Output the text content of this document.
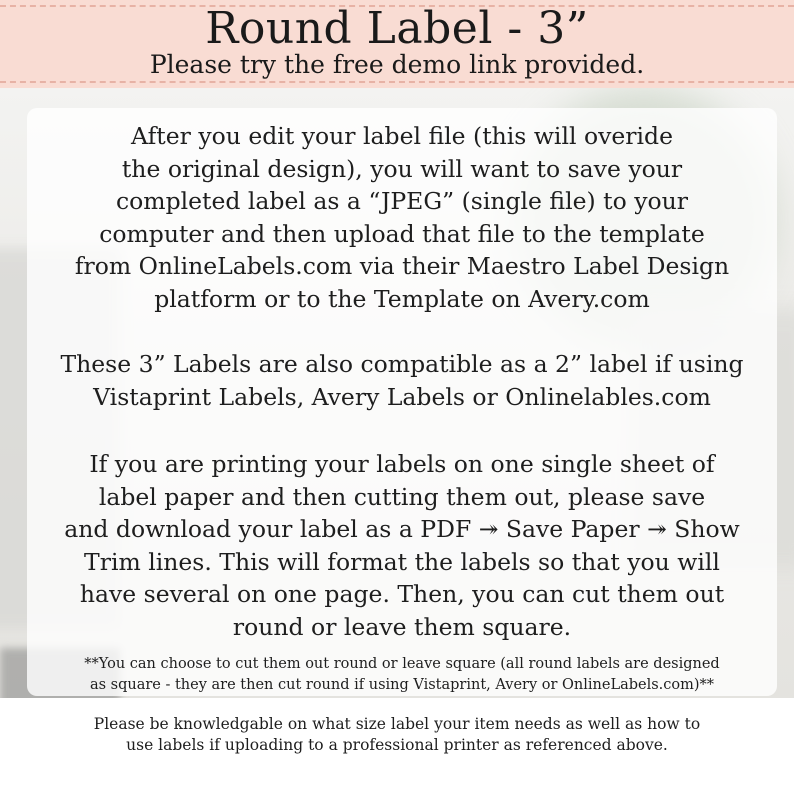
Round Label - 3”
Please try the free demo link provided.
After you edit your label file (this will overide
the original design), you will want to save your
completed label as a “JPEG” (single file) to your
computer and then upload that file to the template
from OnlineLabels.com via their Maestro Label Design
platform or to the Template on Avery.com
These 3” Labels are also compatible as a 2” label if using
Vistaprint Labels, Avery Labels or Onlinelables.com
If you are printing your labels on one single sheet of
label paper and then cutting them out, please save
and download your label as a PDF ↠ Save Paper ↠ Show
Trim lines. This will format the labels so that you will
have several on one page. Then, you can cut them out
round or leave them square.
**You can choose to cut them out round or leave square (all round labels are designed
as square - they are then cut round if using Vistaprint, Avery or OnlineLabels.com)**
Please be knowledgable on what size label your item needs as well as how to
use labels if uploading to a professional printer as referenced above.
